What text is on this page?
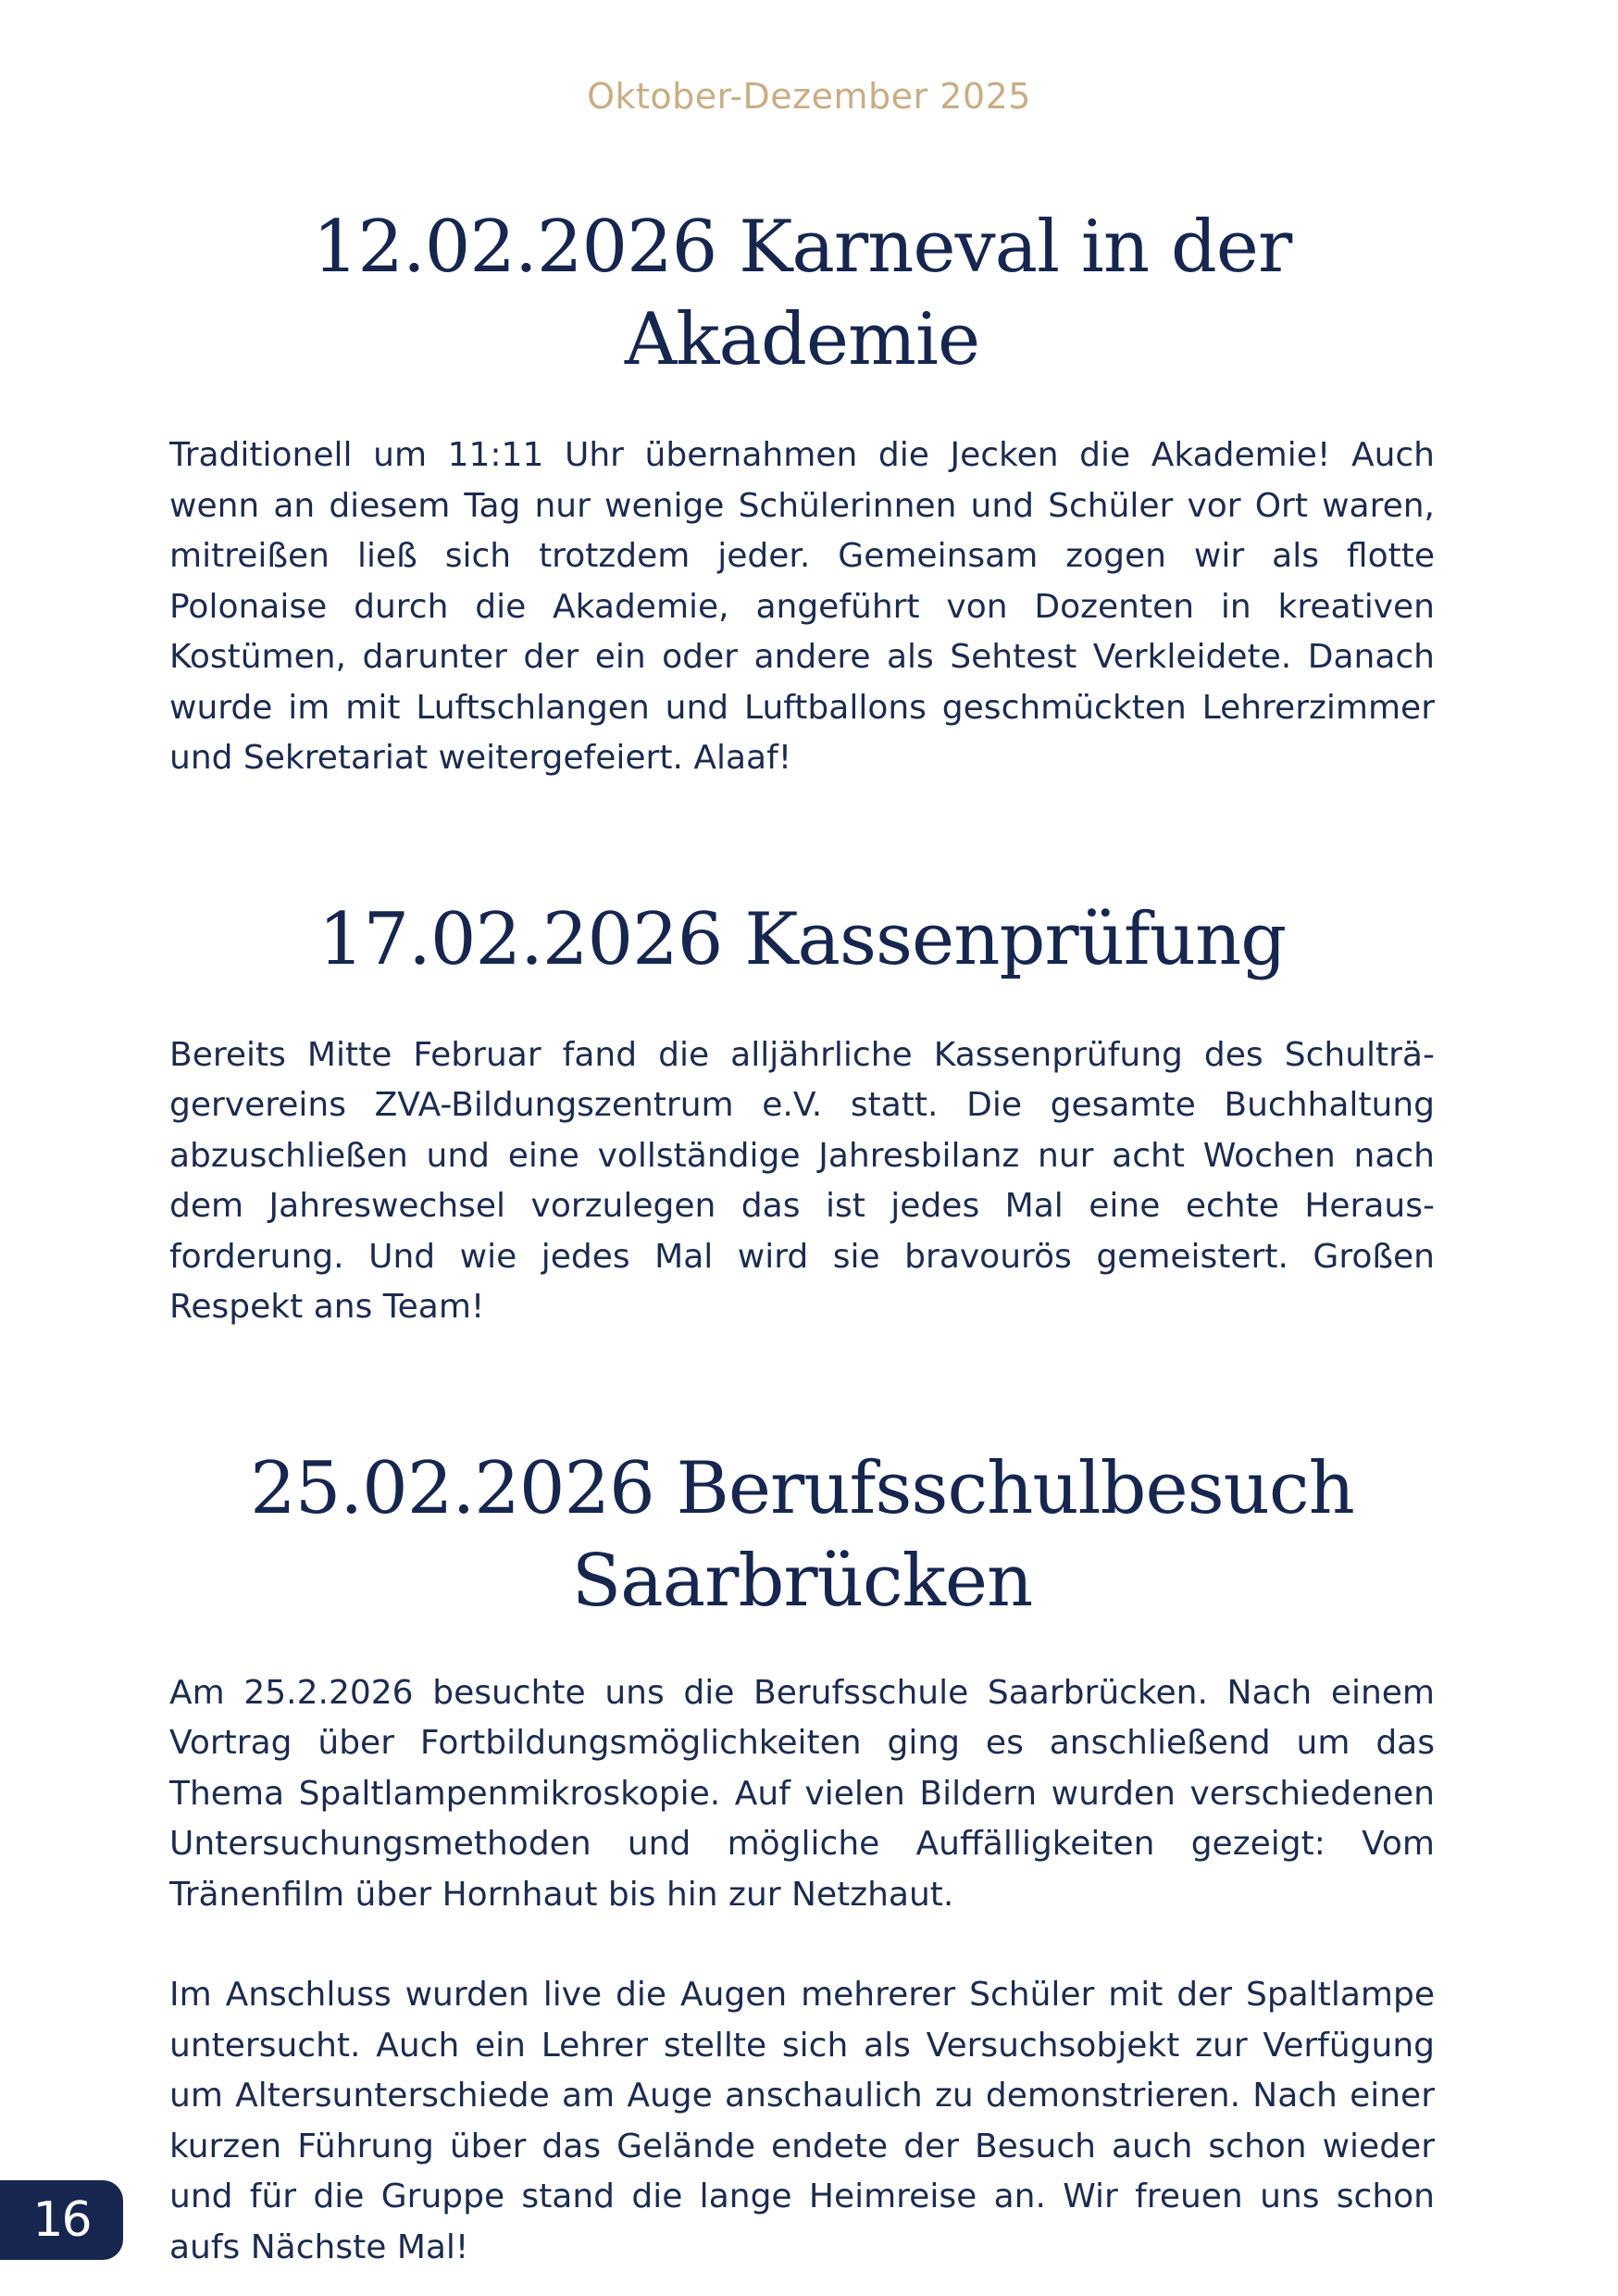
Oktober-Dezember 2025
12.02.2026 Karneval in der Akademie

Traditionell um 11:11 Uhr übernahmen die Jecken die Akademie! Auch wenn an diesem Tag nur wenige Schülerinnen und Schüler vor Ort waren, mitreißen ließ sich trotzdem jeder. Gemeinsam zogen wir als flotte Polonaise durch die Akademie, angeführt von Dozenten in kreativen Kostümen, darunter der ein oder andere als Sehtest Verkleidete. Danach wurde im mit Luftschlangen und Luftballons geschmückten Lehrerzimmer und Sekretariat weitergefeiert. Alaaf!

17.02.2026 Kassenprüfung

Bereits Mitte Februar fand die alljährliche Kassenprüfung des Schulträgervereins ZVA-Bildungszentrum e.V. statt. Die gesamte Buchhaltung abzuschließen und eine vollständige Jahresbilanz nur acht Wochen nach dem Jahreswechsel vorzulegen das ist jedes Mal eine echte Herausforderung. Und wie jedes Mal wird sie bravourös gemeistert. Großen Respekt ans Team!

25.02.2026 Berufsschulbesuch Saarbrücken

Am 25.2.2026 besuchte uns die Berufsschule Saarbrücken. Nach einem Vortrag über Fortbildungsmöglichkeiten ging es anschließend um das Thema Spaltlampenmikroskopie. Auf vielen Bildern wurden verschiedenen Untersuchungsmethoden und mögliche Auffälligkeiten gezeigt: Vom Tränenfilm über Hornhaut bis hin zur Netzhaut.

Im Anschluss wurden live die Augen mehrerer Schüler mit der Spaltlampe untersucht. Auch ein Lehrer stellte sich als Versuchsobjekt zur Verfügung um Altersunterschiede am Auge anschaulich zu demonstrieren. Nach einer kurzen Führung über das Gelände endete der Besuch auch schon wieder und für die Gruppe stand die lange Heimreise an. Wir freuen uns schon aufs Nächste Mal!

16
